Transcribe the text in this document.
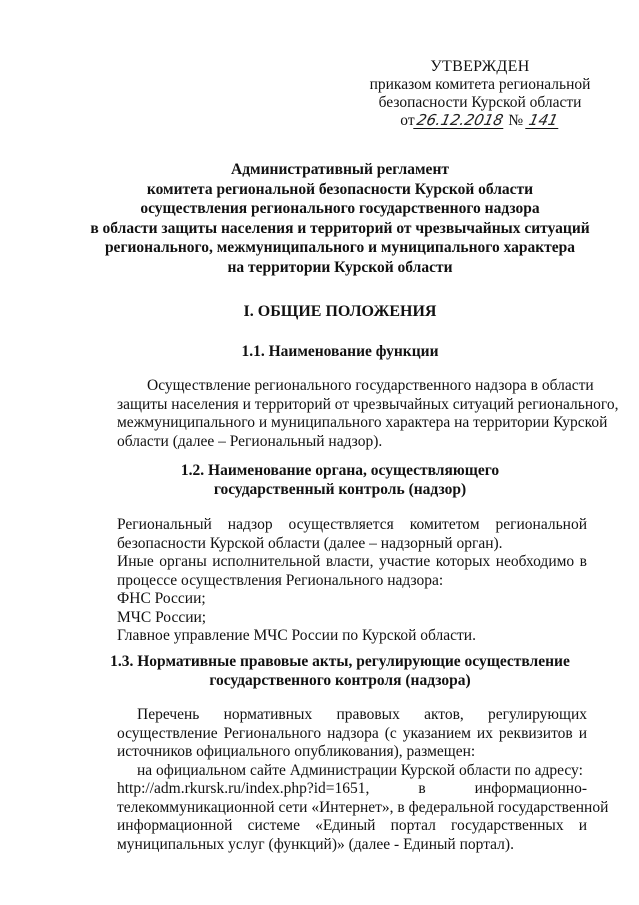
УТВЕРЖДЕН
приказом комитета региональной
безопасности Курской области
от26.12.2018 № 141
Административный регламент
комитета региональной безопасности Курской области
осуществления регионального государственного надзора
в области защиты населения и территорий от чрезвычайных ситуаций
регионального, межмуниципального и муниципального характера
на территории Курской области
I. ОБЩИЕ ПОЛОЖЕНИЯ
1.1. Наименование функции
Осуществление регионального государственного надзора в области
защиты населения и территорий от чрезвычайных ситуаций регионального,
межмуниципального и муниципального характера на территории Курской
области (далее – Региональный надзор).
1.2. Наименование органа, осуществляющего
государственный контроль (надзор)
Региональный надзор осуществляется комитетом региональной
безопасности Курской области (далее – надзорный орган).
Иные органы исполнительной власти, участие которых необходимо в
процессе осуществления Регионального надзора:
ФНС России;
МЧС России;
Главное управление МЧС России по Курской области.
1.3. Нормативные правовые акты, регулирующие осуществление
государственного контроля (надзора)
Перечень нормативных правовых актов, регулирующих
осуществление Регионального надзора (с указанием их реквизитов и
источников официального опубликования), размещен:
на официальном сайте Администрации Курской области по адресу:
http://adm.rkursk.ru/index.php?id=1651, в информационно-
телекоммуникационной сети «Интернет», в федеральной государственной
информационной системе «Единый портал государственных и
муниципальных услуг (функций)» (далее - Единый портал).
